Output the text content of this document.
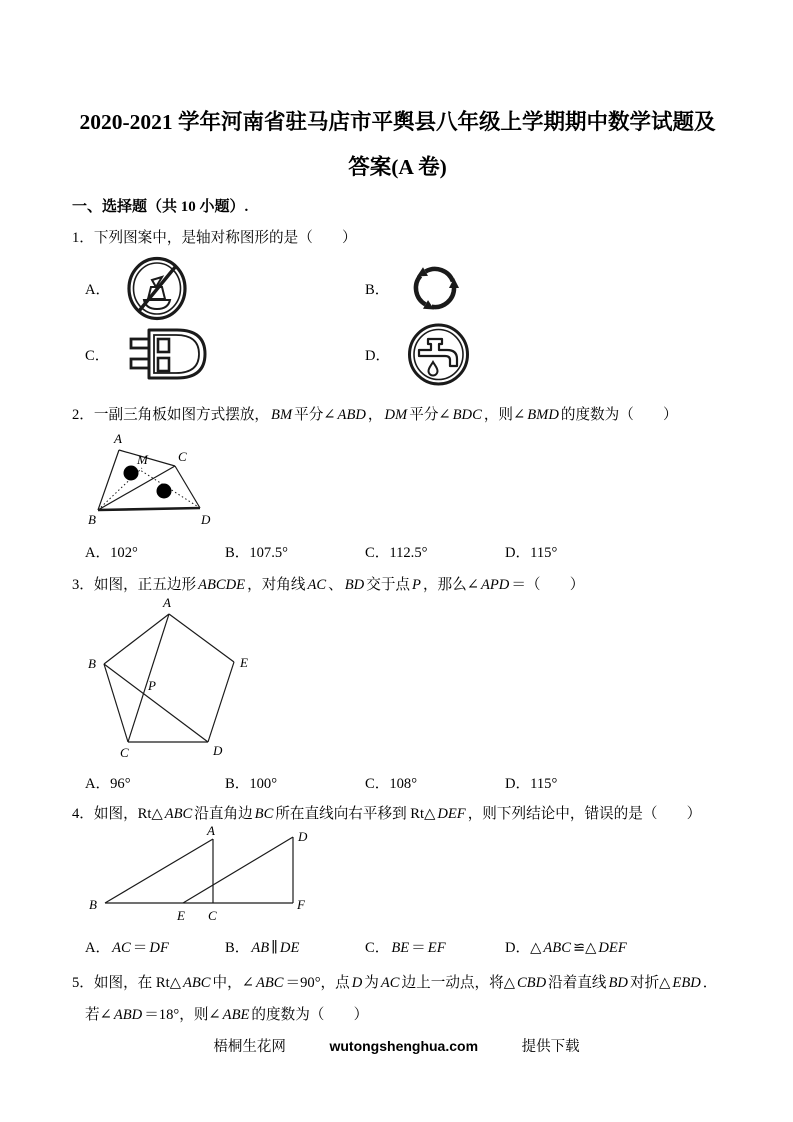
2020-2021 学年河南省驻马店市平舆县八年级上学期期中数学试题及
答案(A 卷)

一、选择题（共 10 小题）.

1．下列图案中，是轴对称图形的是（　　）

A．	B．
C．	D．

2．一副三角板如图方式摆放， BM 平分∠ ABD ， DM 平分∠ BDC ，则∠ BMD 的度数为（　　）

A
B
C
D
M
A．102°	B．107.5°	C．112.5°	D．115°

3．如图，正五边形 ABCDE ，对角线 AC 、 BD 交于点 P ，那么∠ APD ＝（　　）

A
B	E
C	D
P
A．96°	B．100°	C．108°	D．115°

4．如图，Rt△ ABC 沿直角边 BC 所在直线向右平移到 Rt△ DEF ，则下列结论中，错误的是（　　）

A	D
B
E C
F
A． AC ＝ DF	B． AB ∥ DE	C． BE ＝ EF	D．△ ABC ≌△ DEF

5．如图，在 Rt△ ABC 中，∠ ABC ＝90°，点 D 为 AC 边上一动点，将△ CBD 沿着直线 BD 对折△ EBD ．若∠ ABD ＝18°，则∠ ABE 的度数为（　　）

梧桐生花网	wutongshenghua.com	提供下载
